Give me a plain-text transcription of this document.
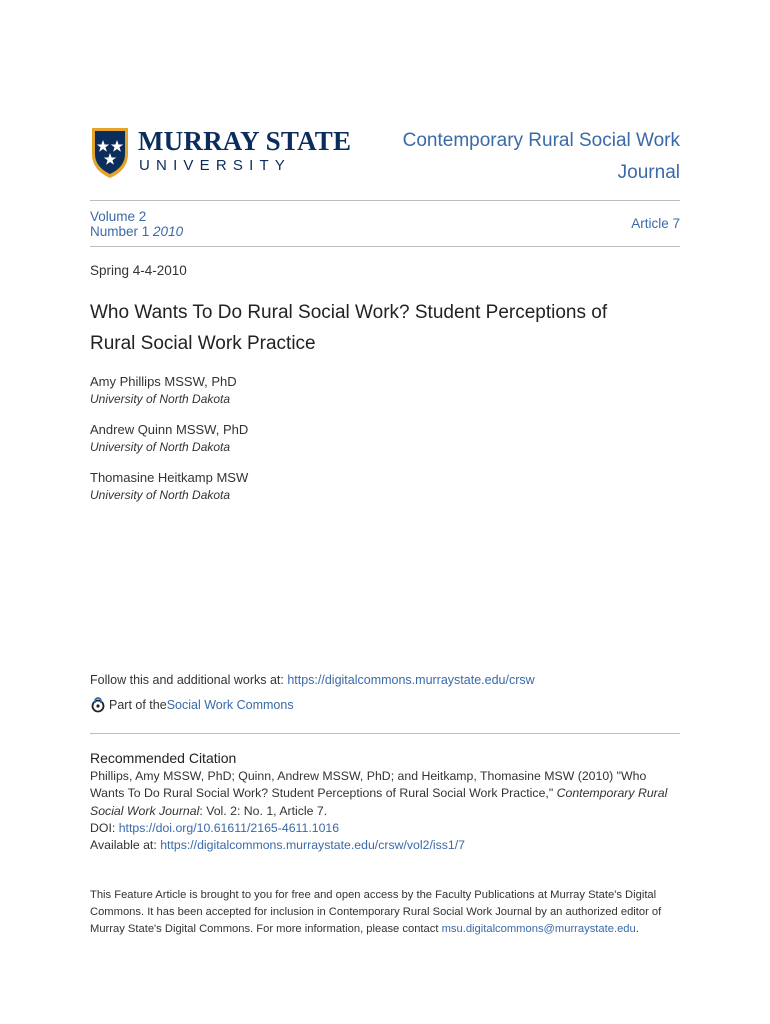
MURRAY STATE
UNIVERSITY
Contemporary Rural Social Work
Journal
Volume 2
Number 1 2010
Article 7
Spring 4-4-2010
Who Wants To Do Rural Social Work? Student Perceptions of
Rural Social Work Practice
Amy Phillips MSSW, PhD
University of North Dakota
Andrew Quinn MSSW, PhD
University of North Dakota
Thomasine Heitkamp MSW
University of North Dakota
Follow this and additional works at: https://digitalcommons.murraystate.edu/crsw
Part of the Social Work Commons
Recommended Citation
Phillips, Amy MSSW, PhD; Quinn, Andrew MSSW, PhD; and Heitkamp, Thomasine MSW (2010) "Who
Wants To Do Rural Social Work? Student Perceptions of Rural Social Work Practice," Contemporary Rural
Social Work Journal: Vol. 2: No. 1, Article 7.
DOI: https://doi.org/10.61611/2165-4611.1016
Available at: https://digitalcommons.murraystate.edu/crsw/vol2/iss1/7
This Feature Article is brought to you for free and open access by the Faculty Publications at Murray State's Digital
Commons. It has been accepted for inclusion in Contemporary Rural Social Work Journal by an authorized editor of
Murray State's Digital Commons. For more information, please contact msu.digitalcommons@murraystate.edu.
